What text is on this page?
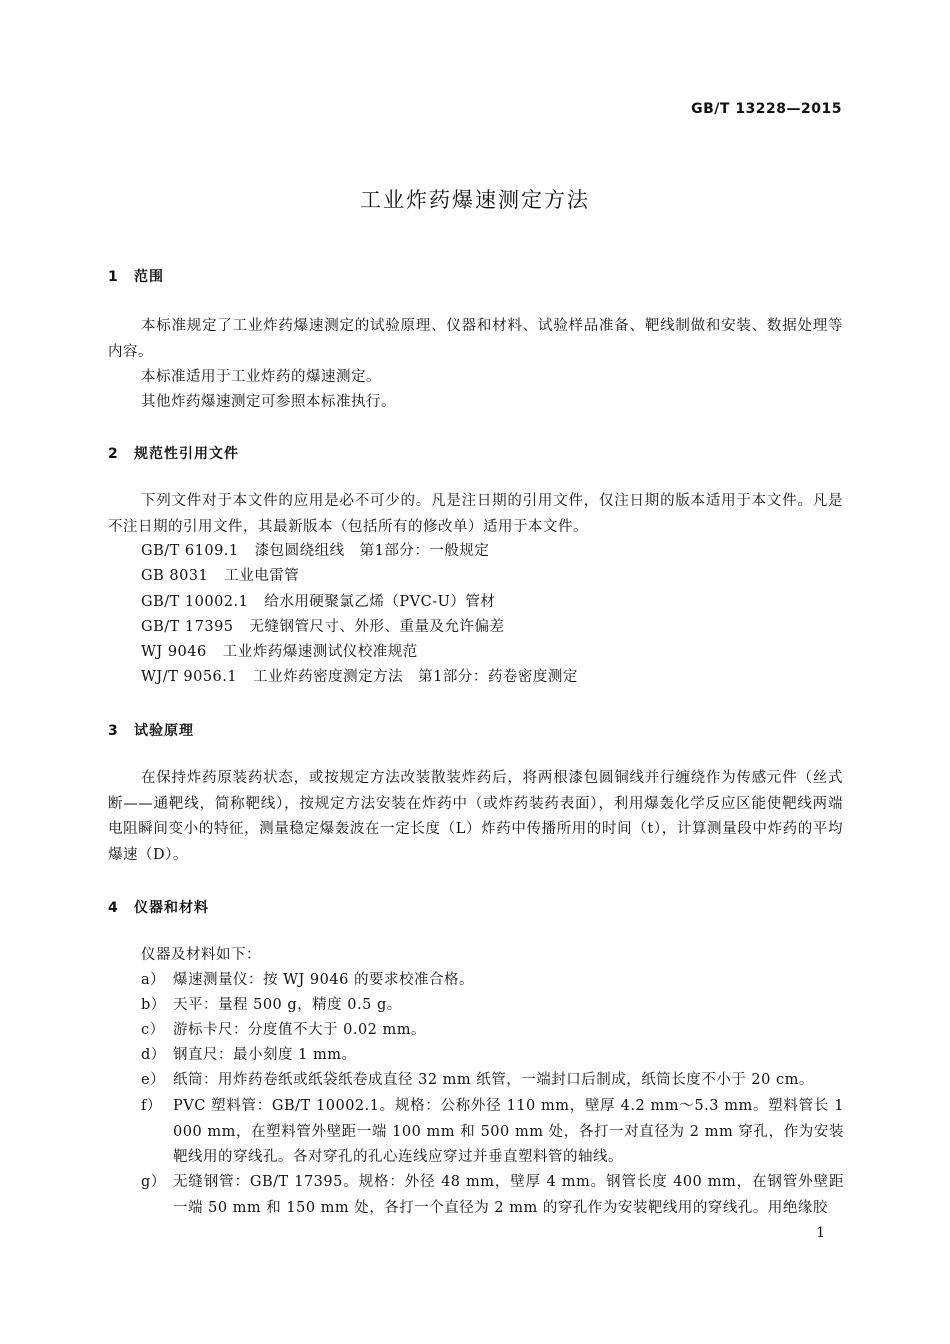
GB/T 13228—2015
工业炸药爆速测定方法
1 范围
本标准规定了工业炸药爆速测定的试验原理、仪器和材料、试验样品准备、靶线制做和安装、数据处理等内容。
本标准适用于工业炸药的爆速测定。
其他炸药爆速测定可参照本标准执行。
2 规范性引用文件
下列文件对于本文件的应用是必不可少的。凡是注日期的引用文件，仅注日期的版本适用于本文件。凡是不注日期的引用文件，其最新版本（包括所有的修改单）适用于本文件。
GB/T 6109.1 漆包圆绕组线　第1部分：一般规定
GB 8031 工业电雷管
GB/T 10002.1 给水用硬聚氯乙烯（PVC-U）管材
GB/T 17395 无缝钢管尺寸、外形、重量及允许偏差
WJ 9046 工业炸药爆速测试仪校准规范
WJ/T 9056.1 工业炸药密度测定方法　第1部分：药卷密度测定
3 试验原理
在保持炸药原装药状态，或按规定方法改装散装炸药后，将两根漆包圆铜线并行缠绕作为传感元件（丝式断——通靶线，简称靶线），按规定方法安装在炸药中（或炸药装药表面），利用爆轰化学反应区能使靶线两端电阻瞬间变小的特征，测量稳定爆轰波在一定长度（L）炸药中传播所用的时间（t），计算测量段中炸药的平均爆速（D）。
4 仪器和材料
仪器及材料如下：
a） 爆速测量仪：按 WJ 9046 的要求校准合格。
b） 天平：量程 500 g，精度 0.5 g。
c） 游标卡尺：分度值不大于 0.02 mm。
d） 钢直尺：最小刻度 1 mm。
e） 纸筒：用炸药卷纸或纸袋纸卷成直径 32 mm 纸管，一端封口后制成，纸筒长度不小于 20 cm。
f） PVC 塑料管：GB/T 10002.1。规格：公称外径 110 mm，壁厚 4.2 mm～5.3 mm。塑料管长 1 000 mm，在塑料管外壁距一端 100 mm 和 500 mm 处，各打一对直径为 2 mm 穿孔，作为安装靶线用的穿线孔。各对穿孔的孔心连线应穿过并垂直塑料管的轴线。
g） 无缝钢管：GB/T 17395。规格：外径 48 mm，壁厚 4 mm。钢管长度 400 mm，在钢管外壁距一端 50 mm 和 150 mm 处，各打一个直径为 2 mm 的穿孔作为安装靶线用的穿线孔。用绝缘胶
1
